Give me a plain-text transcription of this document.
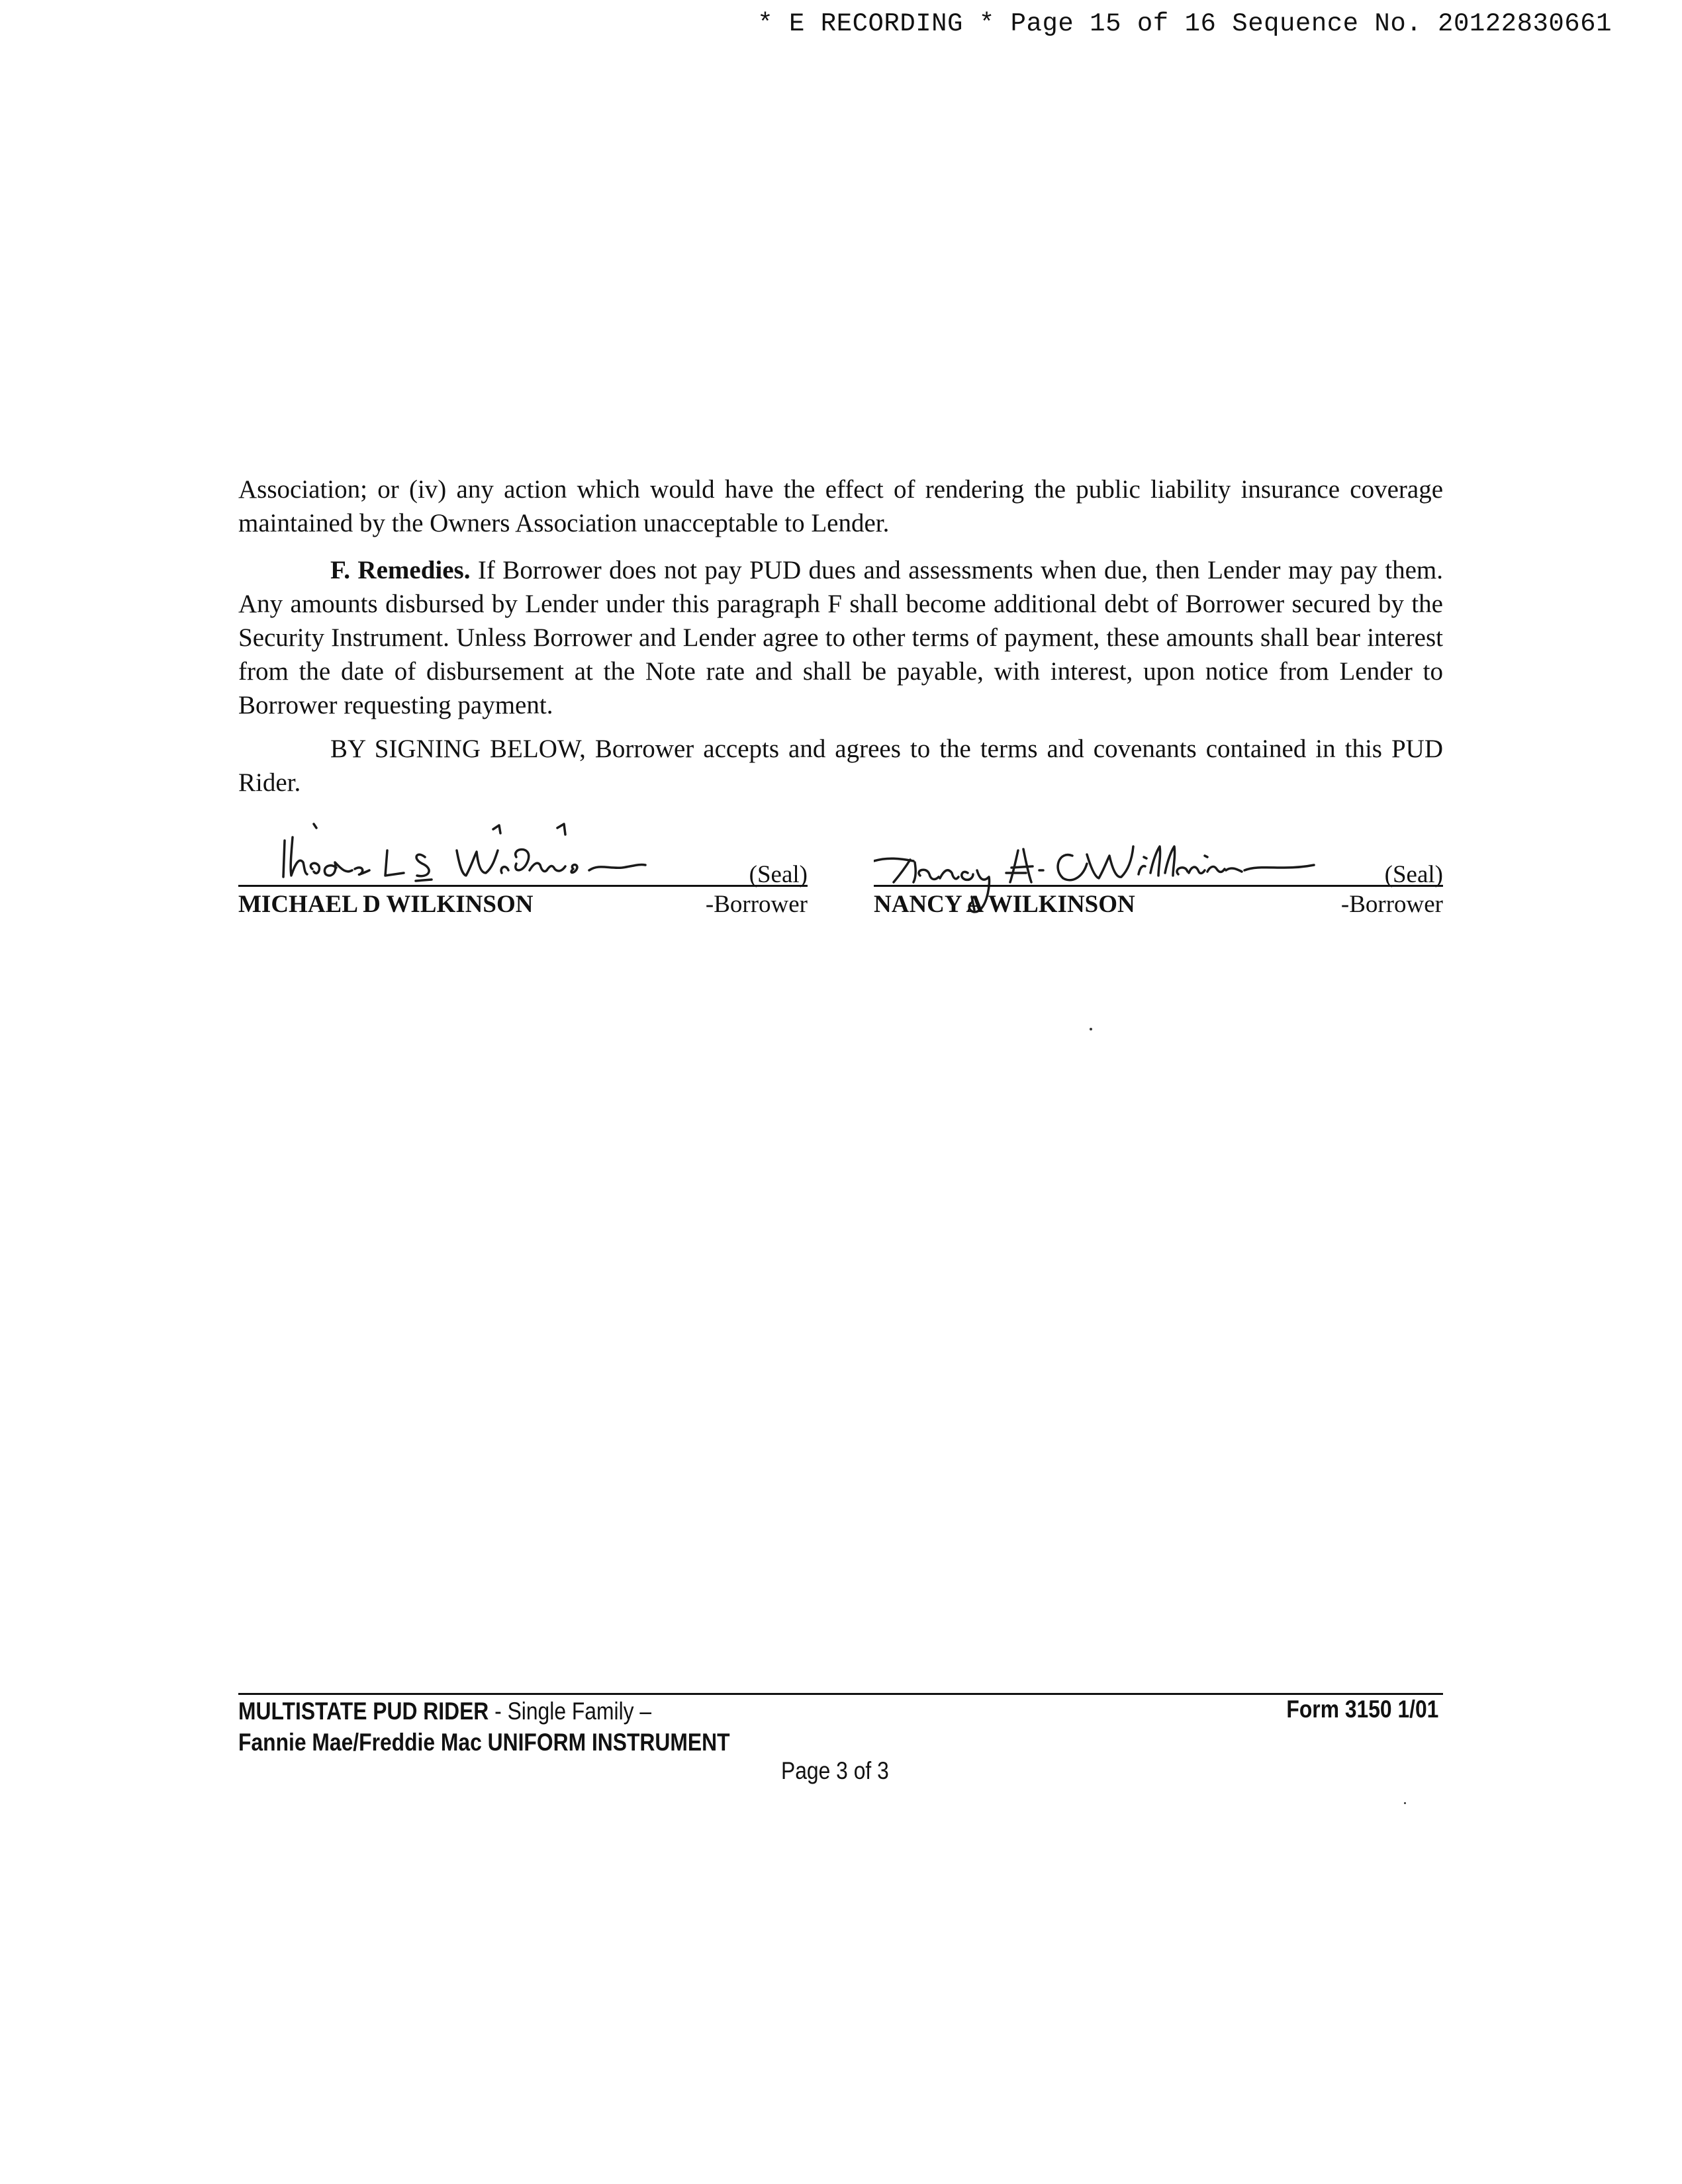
* E RECORDING * Page 15 of 16 Sequence No. 20122830661

Association; or (iv) any action which would have the effect of rendering the public liability insurance coverage maintained by the Owners Association unacceptable to Lender.

F. Remedies. If Borrower does not pay PUD dues and assessments when due, then Lender may pay them. Any amounts disbursed by Lender under this paragraph F shall become additional debt of Borrower secured by the Security Instrument. Unless Borrower and Lender agree to other terms of payment, these amounts shall bear interest from the date of disbursement at the Note rate and shall be payable, with interest, upon notice from Lender to Borrower requesting payment.

BY SIGNING BELOW, Borrower accepts and agrees to the terms and covenants contained in this PUD Rider.

(Seal)
MICHAEL D WILKINSON	-Borrower
(Seal)
NANCY A WILKINSON	-Borrower
MULTISTATE PUD RIDER - Single Family –
Fannie Mae/Freddie Mac UNIFORM INSTRUMENT
Form 3150 1/01
Page 3 of 3
